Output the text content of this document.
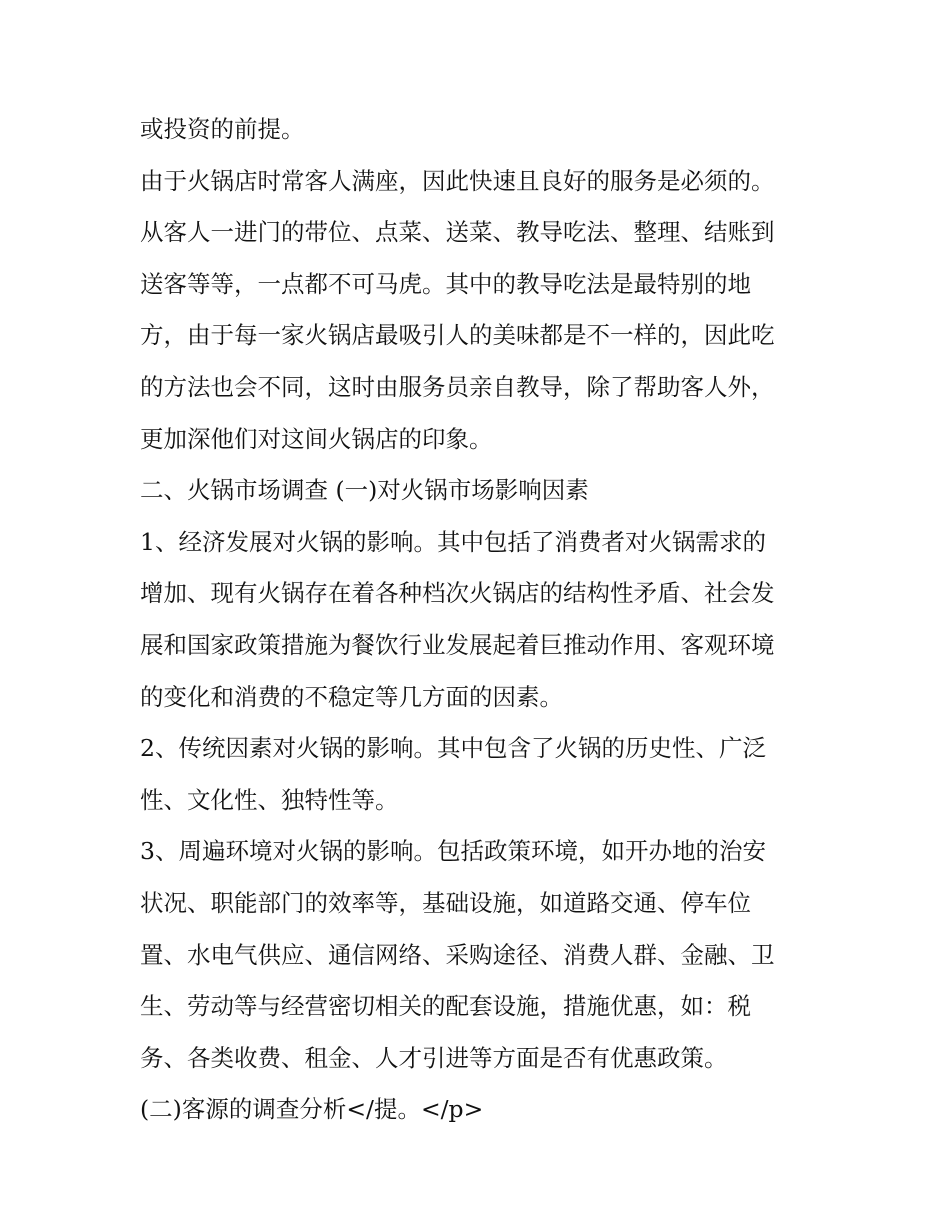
或投资的前提。
由于火锅店时常客人满座，因此快速且良好的服务是必须的。
从客人一进门的带位、点菜、送菜、教导吃法、整理、结账到
送客等等，一点都不可马虎。其中的教导吃法是最特别的地
方，由于每一家火锅店最吸引人的美味都是不一样的，因此吃
的方法也会不同，这时由服务员亲自教导，除了帮助客人外，
更加深他们对这间火锅店的印象。
二、火锅市场调查 (一)对火锅市场影响因素
1、经济发展对火锅的影响。其中包括了消费者对火锅需求的
增加、现有火锅存在着各种档次火锅店的结构性矛盾、社会发
展和国家政策措施为餐饮行业发展起着巨推动作用、客观环境
的变化和消费的不稳定等几方面的因素。
2、传统因素对火锅的影响。其中包含了火锅的历史性、广泛
性、文化性、独特性等。
3、周遍环境对火锅的影响。包括政策环境，如开办地的治安
状况、职能部门的效率等，基础设施，如道路交通、停车位
置、水电气供应、通信网络、采购途径、消费人群、金融、卫
生、劳动等与经营密切相关的配套设施，措施优惠，如：税
务、各类收费、租金、人才引进等方面是否有优惠政策。
(二)客源的调查分析</提。</p>
